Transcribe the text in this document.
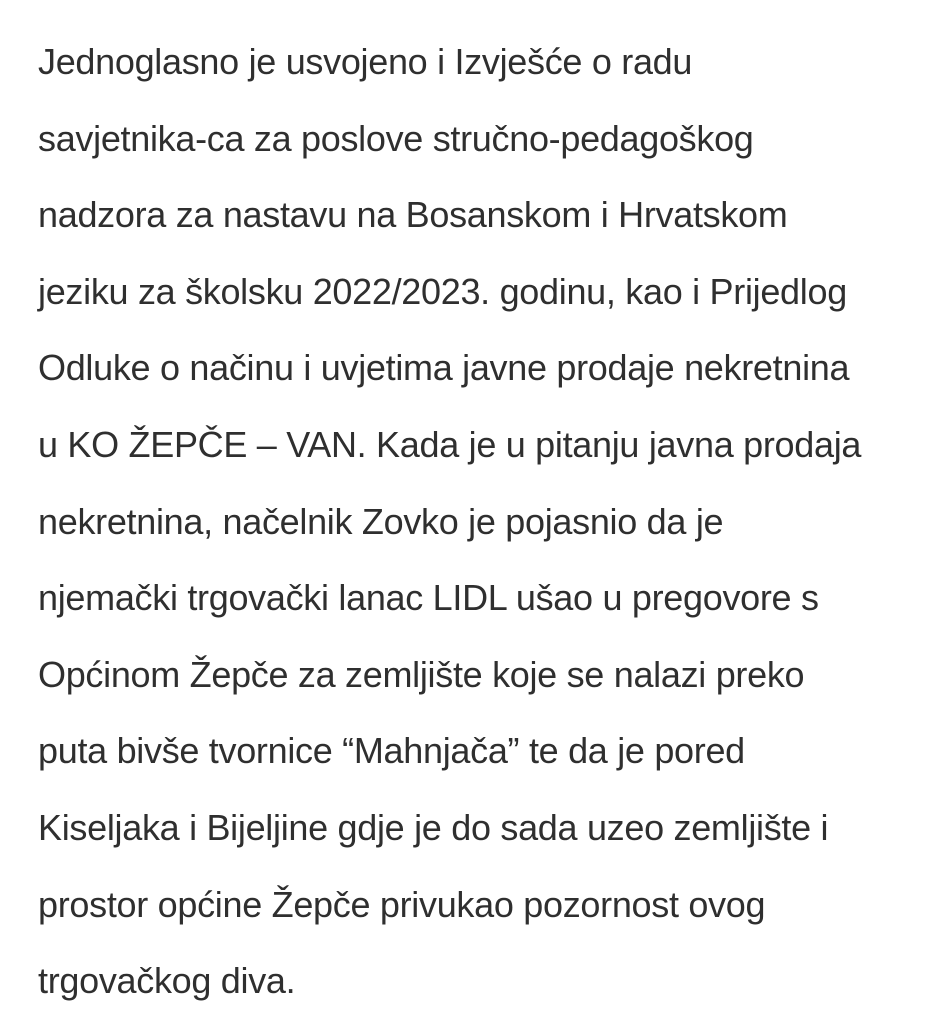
Jednoglasno je usvojeno i Izvješće o radu
savjetnika-ca za poslove stručno-pedagoškog
nadzora za nastavu na Bosanskom i Hrvatskom
jeziku za školsku 2022/2023. godinu, kao i Prijedlog
Odluke o načinu i uvjetima javne prodaje nekretnina
u KO ŽEPČE – VAN. Kada je u pitanju javna prodaja
nekretnina, načelnik Zovko je pojasnio da je
njemački trgovački lanac LIDL ušao u pregovore s
Općinom Žepče za zemljište koje se nalazi preko
puta bivše tvornice “Mahnjača” te da je pored
Kiseljaka i Bijeljine gdje je do sada uzeo zemljište i
prostor općine Žepče privukao pozornost ovog
trgovačkog diva.
